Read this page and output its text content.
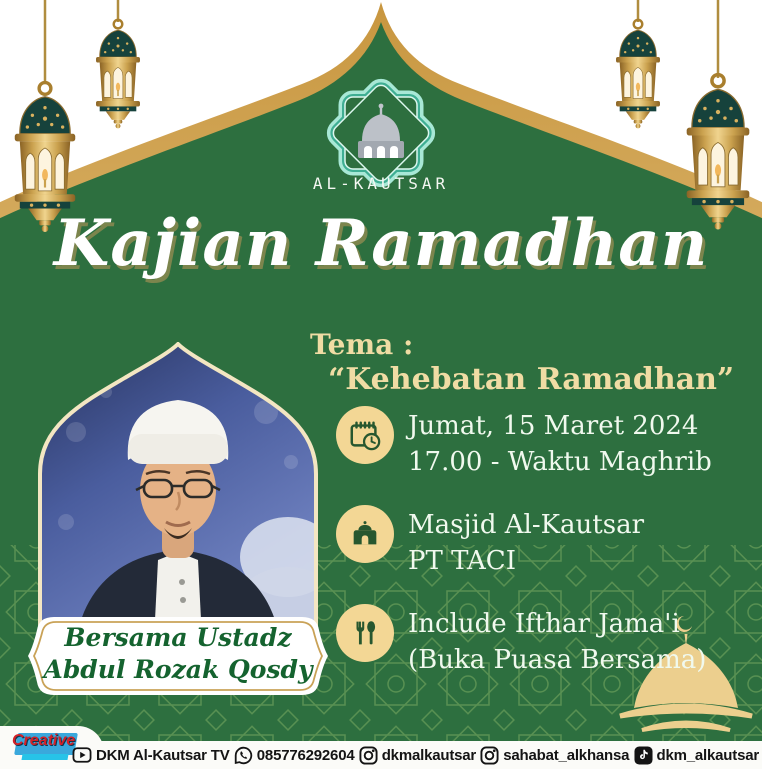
Bersama Ustadz
Abdul Rozak Qosdy
AL-KAUTSAR
Kajian Ramadhan
Tema :
“Kehebatan Ramadhan”
Jumat, 15 Maret 2024
17.00 - Waktu Maghrib
Masjid Al-Kautsar
PT TACI
Include Ifthar Jama'i
(Buka Puasa Bersama)
Creative
DKM Al-Kautsar TV 085776292604 dkmalkautsar sahabat_alkhansa dkm_alkautsar
